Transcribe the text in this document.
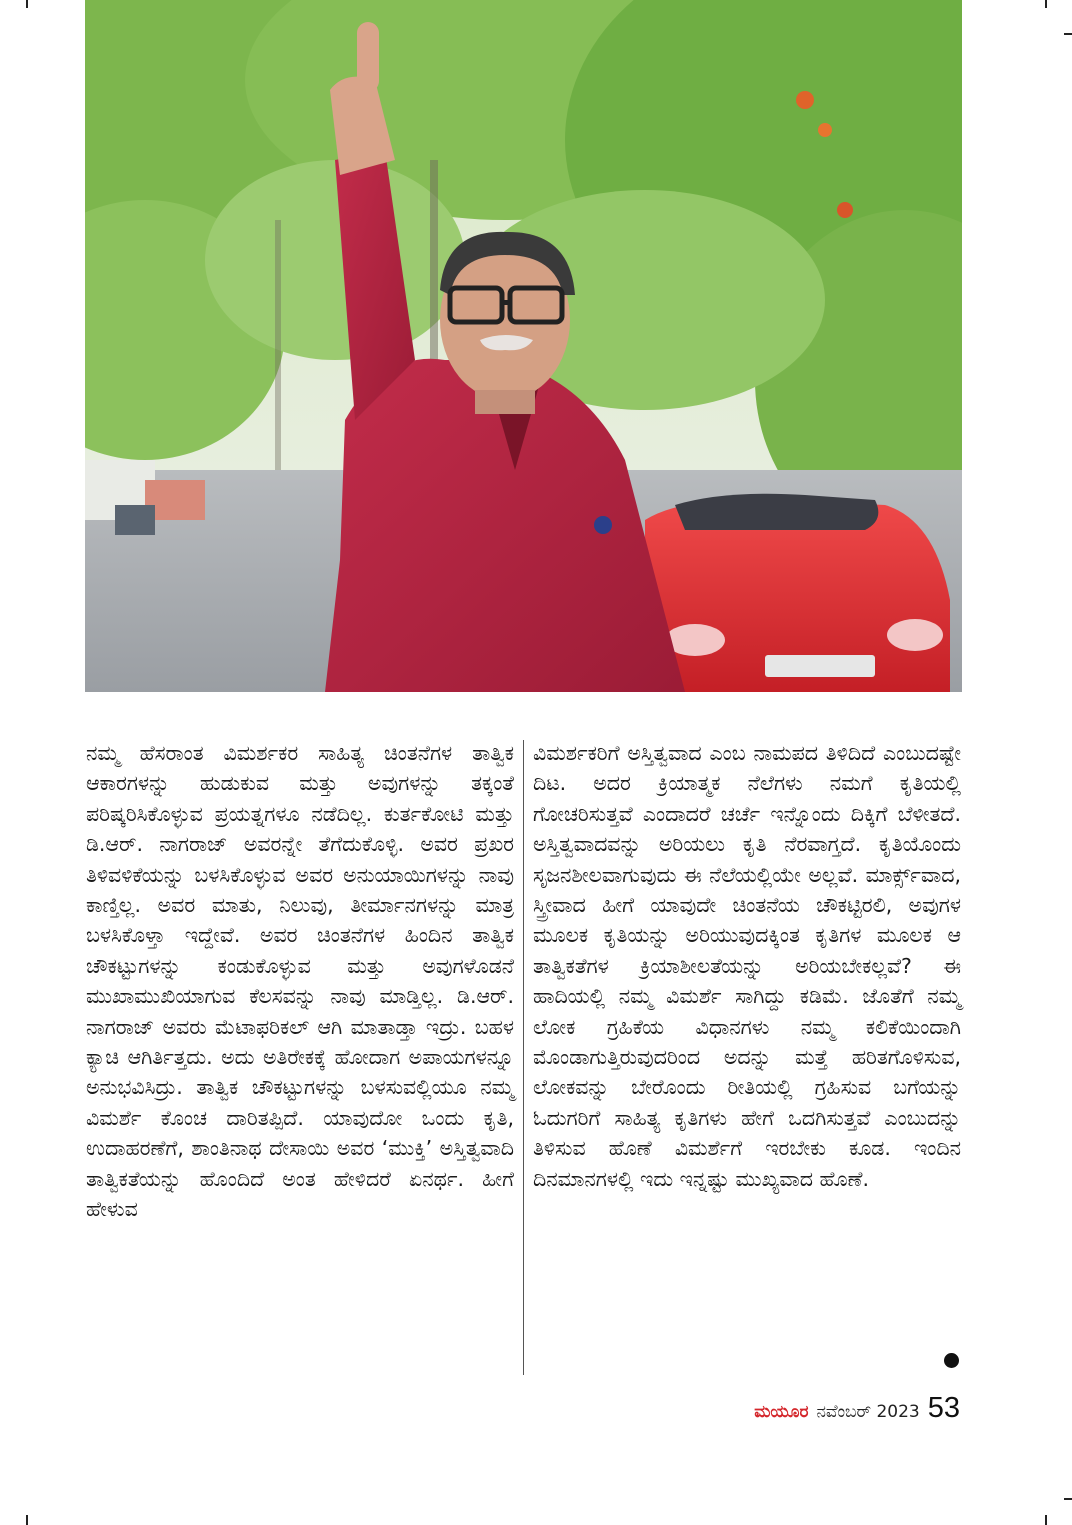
ನಮ್ಮ ಹೆಸರಾಂತ ವಿಮರ್ಶಕರ ಸಾಹಿತ್ಯ ಚಿಂತನೆಗಳ ತಾತ್ವಿಕ ಆಕಾರಗಳನ್ನು ಹುಡುಕುವ ಮತ್ತು ಅವುಗಳನ್ನು ತಕ್ಕಂತೆ ಪರಿಷ್ಕರಿಸಿಕೊಳ್ಳುವ ಪ್ರಯತ್ನಗಳೂ ನಡೆದಿಲ್ಲ. ಕುರ್ತಕೋಟಿ ಮತ್ತು ಡಿ.ಆರ್. ನಾಗರಾಜ್ ಅವರನ್ನೇ ತೆಗೆದುಕೊಳ್ಳಿ. ಅವರ ಪ್ರಖರ ತಿಳಿವಳಿಕೆಯನ್ನು ಬಳಸಿಕೊಳ್ಳುವ ಅವರ ಅನುಯಾಯಿಗಳನ್ನು ನಾವು ಕಾಣ್ತಿಲ್ಲ. ಅವರ ಮಾತು, ನಿಲುವು, ತೀರ್ಮಾನಗಳನ್ನು ಮಾತ್ರ ಬಳಸಿಕೊಳ್ತಾ ಇದ್ದೇವೆ. ಅವರ ಚಿಂತನೆಗಳ ಹಿಂದಿನ ತಾತ್ವಿಕ ಚೌಕಟ್ಟುಗಳನ್ನು ಕಂಡುಕೊಳ್ಳುವ ಮತ್ತು ಅವುಗಳೊಡನೆ ಮುಖಾಮುಖಿಯಾಗುವ ಕೆಲಸವನ್ನು ನಾವು ಮಾಡ್ತಿಲ್ಲ. ಡಿ.ಆರ್. ನಾಗರಾಜ್ ಅವರು ಮೆಟಾಫರಿಕಲ್ ಆಗಿ ಮಾತಾಡ್ತಾ ಇದ್ರು. ಬಹಳ ಕ್ಯಾಚಿ ಆಗಿರ್ತಿತ್ತದು. ಅದು ಅತಿರೇಕಕ್ಕೆ ಹೋದಾಗ ಅಪಾಯಗಳನ್ನೂ ಅನುಭವಿಸಿದ್ರು. ತಾತ್ವಿಕ ಚೌಕಟ್ಟುಗಳನ್ನು ಬಳಸುವಲ್ಲಿಯೂ ನಮ್ಮ ವಿಮರ್ಶೆ ಕೊಂಚ ದಾರಿತಪ್ಪಿದೆ. ಯಾವುದೋ ಒಂದು ಕೃತಿ, ಉದಾಹರಣೆಗೆ, ಶಾಂತಿನಾಥ ದೇಸಾಯಿ ಅವರ ‘ಮುಕ್ತಿ’ ಅಸ್ತಿತ್ವವಾದಿ ತಾತ್ವಿಕತೆಯನ್ನು ಹೊಂದಿದೆ ಅಂತ ಹೇಳಿದರೆ ಏನರ್ಥ. ಹೀಗೆ ಹೇಳುವ
ವಿಮರ್ಶಕರಿಗೆ ಅಸ್ತಿತ್ವವಾದ ಎಂಬ ನಾಮಪದ ತಿಳಿದಿದೆ ಎಂಬುದಷ್ಟೇ ದಿಟ. ಅದರ ಕ್ರಿಯಾತ್ಮಕ ನೆಲೆಗಳು ನಮಗೆ ಕೃತಿಯಲ್ಲಿ ಗೋಚರಿಸುತ್ತವೆ ಎಂದಾದರೆ ಚರ್ಚೆ ಇನ್ನೊಂದು ದಿಕ್ಕಿಗೆ ಬೆಳೀತದೆ. ಅಸ್ತಿತ್ವವಾದವನ್ನು ಅರಿಯಲು ಕೃತಿ ನೆರವಾಗ್ತದೆ. ಕೃತಿಯೊಂದು ಸೃಜನಶೀಲವಾಗುವುದು ಈ ನೆಲೆಯಲ್ಲಿಯೇ ಅಲ್ಲವೆ. ಮಾರ್ಕ್ಸ್‌ವಾದ, ಸ್ತ್ರೀವಾದ ಹೀಗೆ ಯಾವುದೇ ಚಿಂತನೆಯ ಚೌಕಟ್ಟಿರಲಿ, ಅವುಗಳ ಮೂಲಕ ಕೃತಿಯನ್ನು ಅರಿಯುವುದಕ್ಕಿಂತ ಕೃತಿಗಳ ಮೂಲಕ ಆ ತಾತ್ವಿಕತೆಗಳ ಕ್ರಿಯಾಶೀಲತೆಯನ್ನು ಅರಿಯಬೇಕಲ್ಲವೆ? ಈ ಹಾದಿಯಲ್ಲಿ ನಮ್ಮ ವಿಮರ್ಶೆ ಸಾಗಿದ್ದು ಕಡಿಮೆ. ಜೊತೆಗೆ ನಮ್ಮ ಲೋಕ ಗ್ರಹಿಕೆಯ ವಿಧಾನಗಳು ನಮ್ಮ ಕಲಿಕೆಯಿಂದಾಗಿ ಮೊಂಡಾಗುತ್ತಿರುವುದರಿಂದ ಅದನ್ನು ಮತ್ತೆ ಹರಿತಗೊಳಿಸುವ, ಲೋಕವನ್ನು ಬೇರೊಂದು ರೀತಿಯಲ್ಲಿ ಗ್ರಹಿಸುವ ಬಗೆಯನ್ನು ಓದುಗರಿಗೆ ಸಾಹಿತ್ಯ ಕೃತಿಗಳು ಹೇಗೆ ಒದಗಿಸುತ್ತವೆ ಎಂಬುದನ್ನು ತಿಳಿಸುವ ಹೊಣೆ ವಿಮರ್ಶೆಗೆ ಇರಬೇಕು ಕೂಡ. ಇಂದಿನ ದಿನಮಾನಗಳಲ್ಲಿ ಇದು ಇನ್ನಷ್ಟು ಮುಖ್ಯವಾದ ಹೊಣೆ.
ಮಯೂರ ನವೆಂಬರ್ 2023 53
